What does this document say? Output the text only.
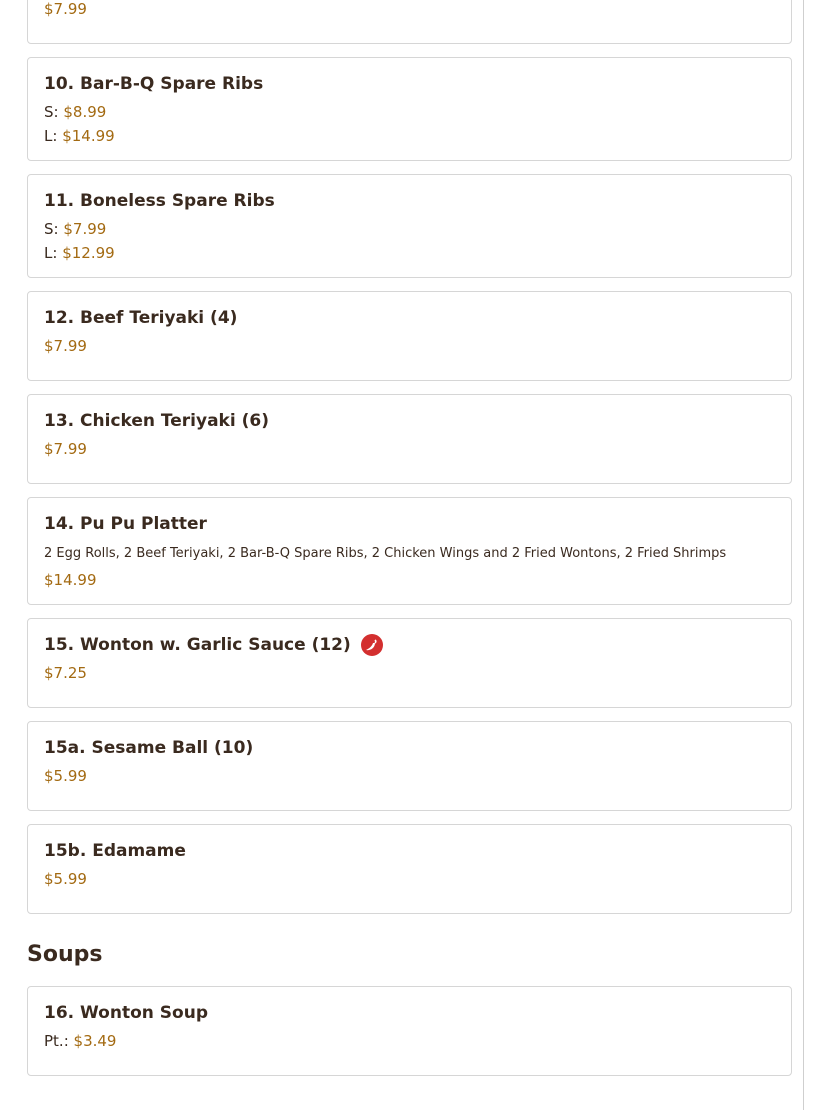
$7.99
10. Bar-B-Q Spare Ribs
S: $8.99
L: $14.99
11. Boneless Spare Ribs
S: $7.99
L: $12.99
12. Beef Teriyaki (4)
$7.99
13. Chicken Teriyaki (6)
$7.99
14. Pu Pu Platter
2 Egg Rolls, 2 Beef Teriyaki, 2 Bar-B-Q Spare Ribs, 2 Chicken Wings and 2 Fried Wontons, 2 Fried Shrimps
$14.99
15. Wonton w. Garlic Sauce (12)
$7.25
15a. Sesame Ball (10)
$5.99
15b. Edamame
$5.99
Soups
16. Wonton Soup
Pt.: $3.49
